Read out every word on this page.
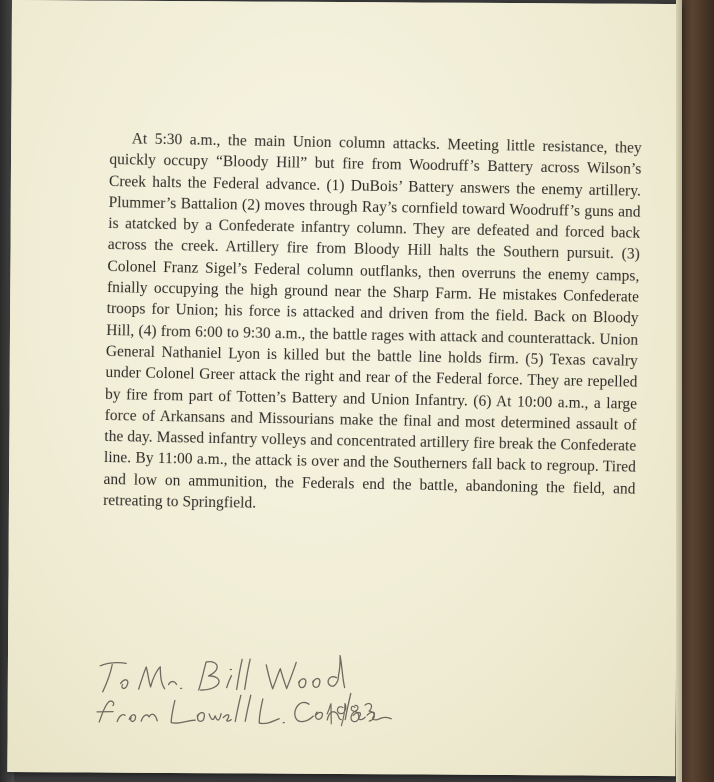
At 5:30 a.m., the main Union column attacks. Meeting little resistance, they quickly occupy “Bloody Hill” but fire from Woodruff’s Battery across Wilson’s Creek halts the Federal advance. (1) DuBois’ Battery answers the enemy artillery. Plummer’s Battalion (2) moves through Ray’s cornfield toward Woodruff’s guns and is atatcked by a Confederate infantry column. They are defeated and forced back across the creek. Artillery fire from Bloody Hill halts the Southern pursuit. (3) Colonel Franz Sigel’s Federal column outflanks, then overruns the enemy camps, fnially occupying the high ground near the Sharp Farm. He mistakes Confederate troops for Union; his force is attacked and driven from the field. Back on Bloody Hill, (4) from 6:00 to 9:30 a.m., the battle rages with attack and counterattack. Union General Nathaniel Lyon is killed but the battle line holds firm. (5) Texas cavalry under Colonel Greer attack the right and rear of the Federal force. They are repelled by fire from part of Totten’s Battery and Union Infantry. (6) At 10:00 a.m., a large force of Arkansans and Missourians make the final and most determined assault of the day. Massed infantry volleys and concentrated artillery fire break the Confederate line. By 11:00 a.m., the attack is over and the Southerners fall back to regroup. Tired and low on ammunition, the Federals end the battle, abandoning the field, and retreating to Springfield.
